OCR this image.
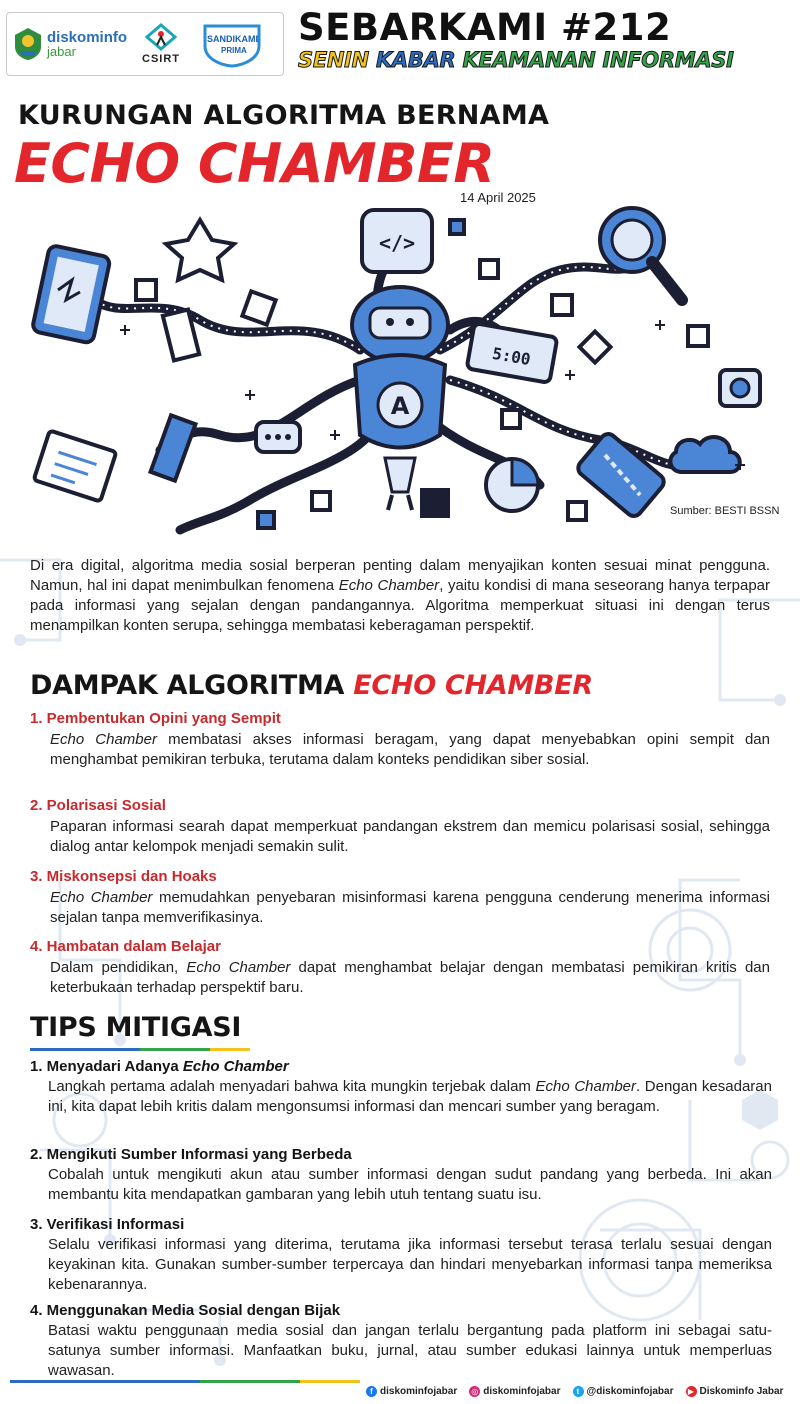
diskominfo
jabar	CSIRT
SANDIKAMI
PRIMA
SEBARKAMI #212
SENIN KABAR KEAMANAN INFORMASI
KURUNGAN ALGORITMA BERNAMA
ECHO CHAMBER
14 April 2025
A
</>
5:00
Sumber: BESTI BSSN
Di era digital, algoritma media sosial berperan penting dalam menyajikan konten sesuai minat pengguna. Namun, hal ini dapat menimbulkan fenomena Echo Chamber, yaitu kondisi di mana seseorang hanya terpapar pada informasi yang sejalan dengan pandangannya. Algoritma memperkuat situasi ini dengan terus menampilkan konten serupa, sehingga membatasi keberagaman perspektif.
DAMPAK ALGORITMA ECHO CHAMBER
1. Pembentukan Opini yang Sempit
Echo Chamber membatasi akses informasi beragam, yang dapat menyebabkan opini sempit dan menghambat pemikiran terbuka, terutama dalam konteks pendidikan siber sosial.
2. Polarisasi Sosial
Paparan informasi searah dapat memperkuat pandangan ekstrem dan memicu polarisasi sosial, sehingga dialog antar kelompok menjadi semakin sulit.
3. Miskonsepsi dan Hoaks
Echo Chamber memudahkan penyebaran misinformasi karena pengguna cenderung menerima informasi sejalan tanpa memverifikasinya.
4. Hambatan dalam Belajar
Dalam pendidikan, Echo Chamber dapat menghambat belajar dengan membatasi pemikiran kritis dan keterbukaan terhadap perspektif baru.
TIPS MITIGASI
1. Menyadari Adanya Echo Chamber
Langkah pertama adalah menyadari bahwa kita mungkin terjebak dalam Echo Chamber. Dengan kesadaran ini, kita dapat lebih kritis dalam mengonsumsi informasi dan mencari sumber yang beragam.
2. Mengikuti Sumber Informasi yang Berbeda
Cobalah untuk mengikuti akun atau sumber informasi dengan sudut pandang yang berbeda. Ini akan membantu kita mendapatkan gambaran yang lebih utuh tentang suatu isu.
3. Verifikasi Informasi
Selalu verifikasi informasi yang diterima, terutama jika informasi tersebut terasa terlalu sesuai dengan keyakinan kita. Gunakan sumber-sumber terpercaya dan hindari menyebarkan informasi tanpa memeriksa kebenarannya.
4. Menggunakan Media Sosial dengan Bijak
Batasi waktu penggunaan media sosial dan jangan terlalu bergantung pada platform ini sebagai satu-satunya sumber informasi. Manfaatkan buku, jurnal, atau sumber edukasi lainnya untuk memperluas wawasan.
f diskominfojabar ◎ diskominfojabar	t @diskominfojabar	▶ Diskominfo Jabar
